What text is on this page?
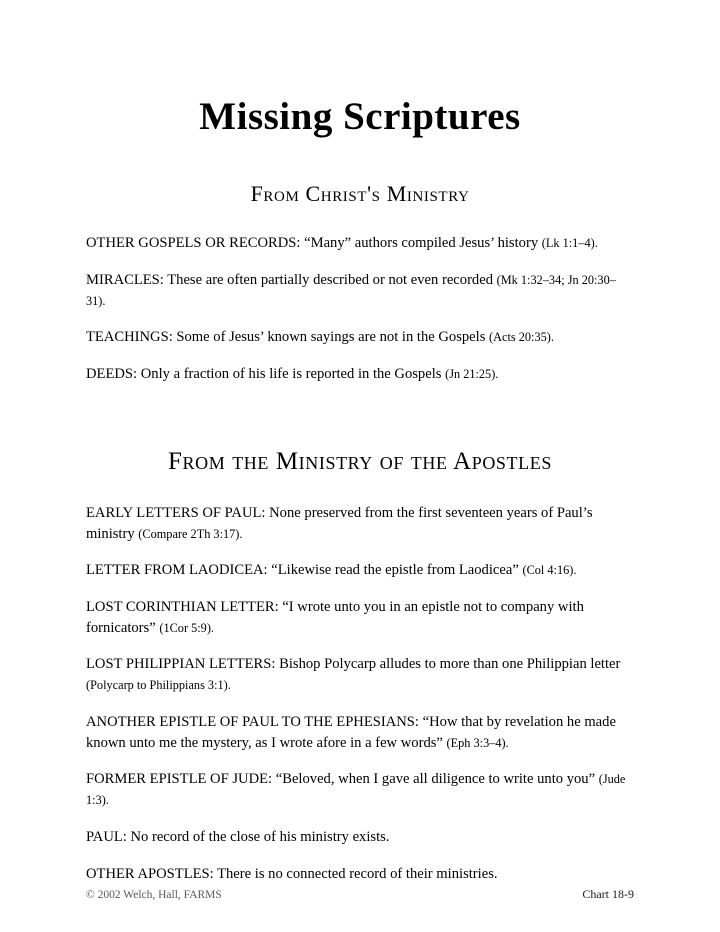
Missing Scriptures
From Christ's Ministry

OTHER GOSPELS OR RECORDS: “Many” authors compiled Jesus’ history (Lk 1:1–4).

MIRACLES: These are often partially described or not even recorded (Mk 1:32–34; Jn 20:30–31).

TEACHINGS: Some of Jesus’ known sayings are not in the Gospels (Acts 20:35).

DEEDS: Only a fraction of his life is reported in the Gospels (Jn 21:25).

From the Ministry of the Apostles

EARLY LETTERS OF PAUL: None preserved from the first seventeen years of Paul’s ministry (Compare 2Th 3:17).

LETTER FROM LAODICEA: “Likewise read the epistle from Laodicea” (Col 4:16).

LOST CORINTHIAN LETTER: “I wrote unto you in an epistle not to company with fornicators” (1Cor 5:9).

LOST PHILIPPIAN LETTERS: Bishop Polycarp alludes to more than one Philippian letter (Polycarp to Philippians 3:1).

ANOTHER EPISTLE OF PAUL TO THE EPHESIANS: “How that by revelation he made known unto me the mystery, as I wrote afore in a few words” (Eph 3:3–4).

FORMER EPISTLE OF JUDE: “Beloved, when I gave all diligence to write unto you” (Jude 1:3).

PAUL: No record of the close of his ministry exists.

OTHER APOSTLES: There is no connected record of their ministries.

© 2002 Welch, Hall, FARMS	Chart 18-9
